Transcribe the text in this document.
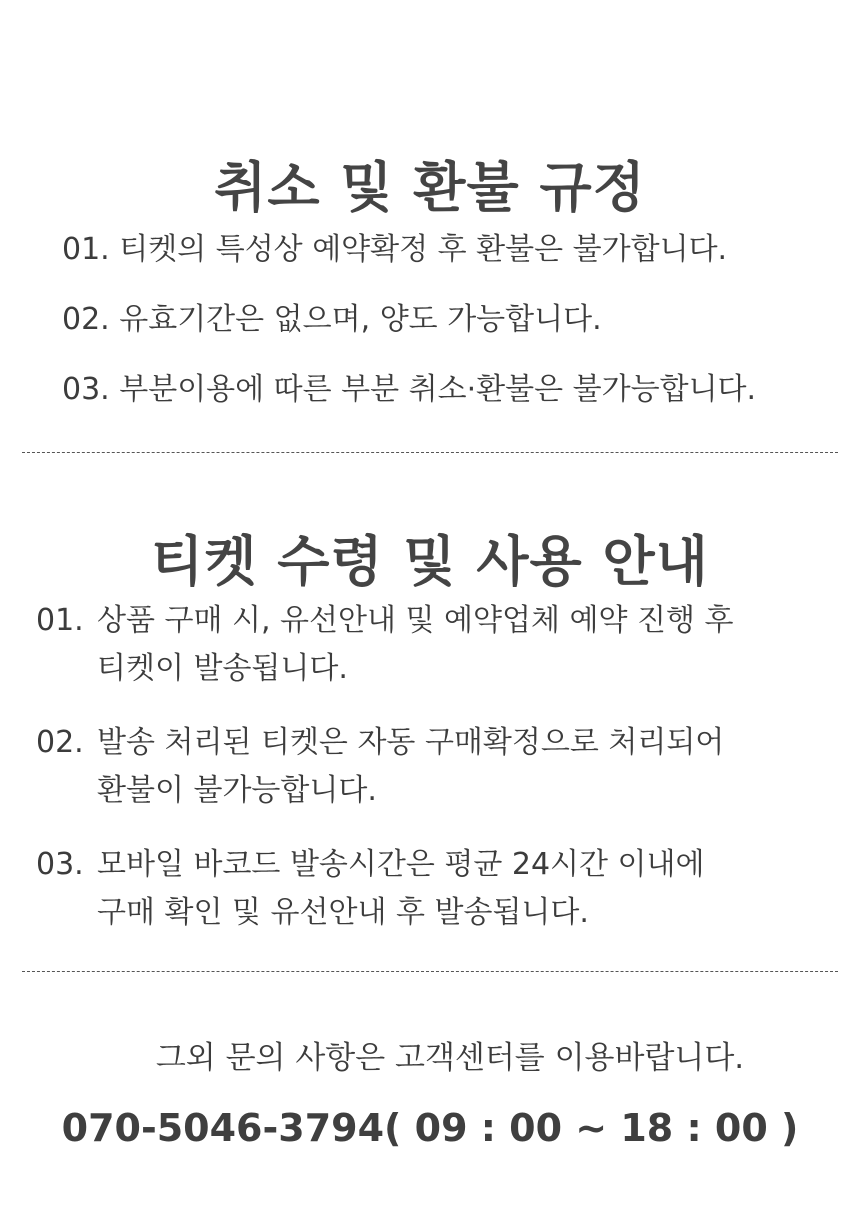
취소 및 환불 규정
01. 티켓의 특성상 예약확정 후 환불은 불가합니다.
02. 유효기간은 없으며, 양도 가능합니다.
03. 부분이용에 따른 부분 취소·환불은 불가능합니다.
티켓 수령 및 사용 안내
01. 상품 구매 시, 유선안내 및 예약업체 예약 진행 후
티켓이 발송됩니다.
02. 발송 처리된 티켓은 자동 구매확정으로 처리되어
환불이 불가능합니다.
03. 모바일 바코드 발송시간은 평균 24시간 이내에
구매 확인 및 유선안내 후 발송됩니다.

그외 문의 사항은 고객센터를 이용바랍니다.

070-5046-3794( 09 : 00 ~ 18 : 00 )
